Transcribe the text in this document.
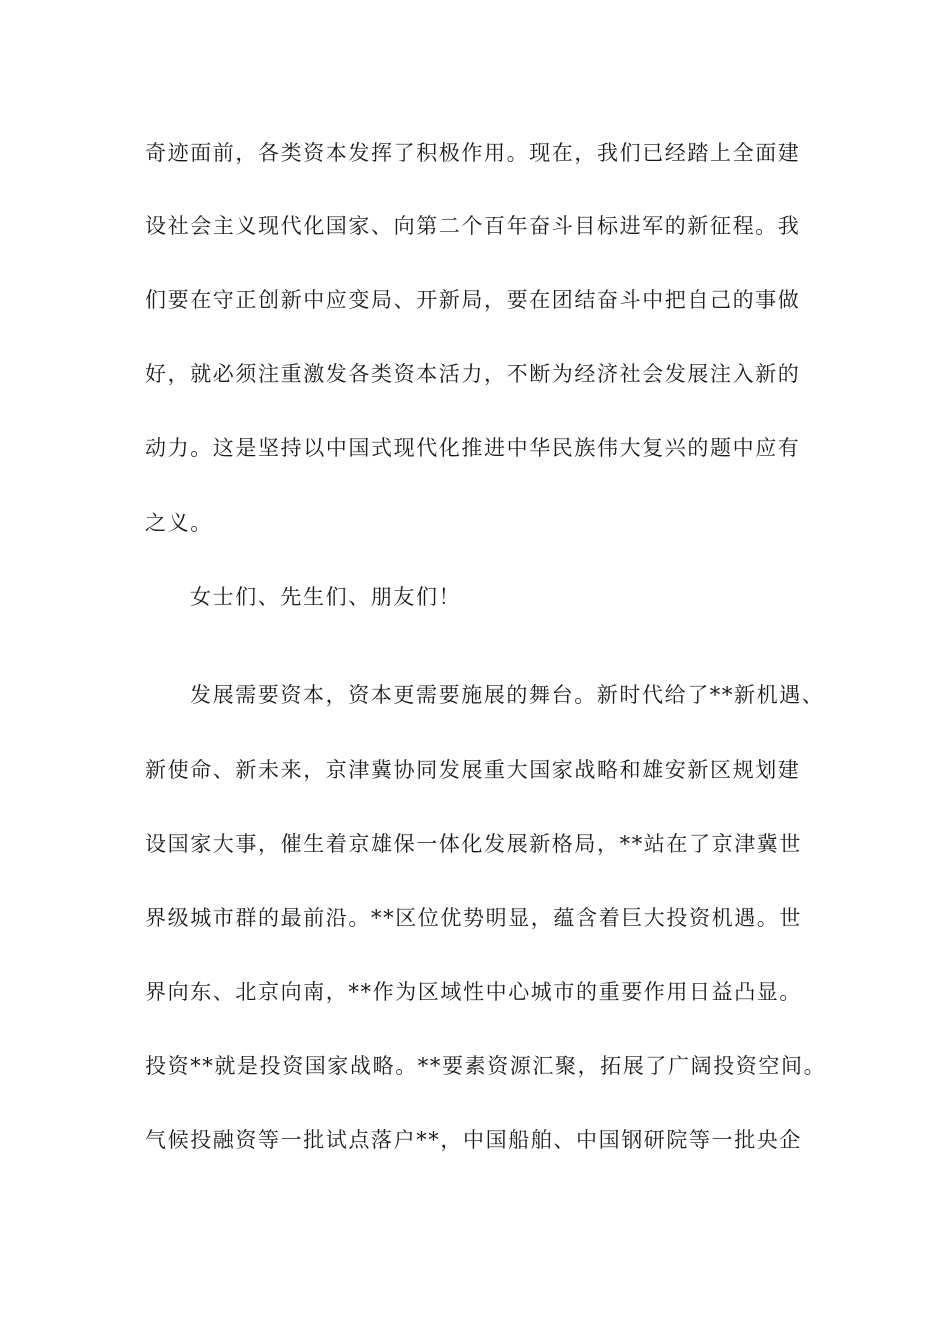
奇迹面前，各类资本发挥了积极作用。现在，我们已经踏上全面建
设社会主义现代化国家、向第二个百年奋斗目标进军的新征程。我
们要在守正创新中应变局、开新局，要在团结奋斗中把自己的事做
好，就必须注重激发各类资本活力，不断为经济社会发展注入新的
动力。这是坚持以中国式现代化推进中华民族伟大复兴的题中应有
之义。
女士们、先生们、朋友们！
发展需要资本，资本更需要施展的舞台。新时代给了**新机遇、
新使命、新未来，京津冀协同发展重大国家战略和雄安新区规划建
设国家大事，催生着京雄保一体化发展新格局，**站在了京津冀世
界级城市群的最前沿。**区位优势明显，蕴含着巨大投资机遇。世
界向东、北京向南，**作为区域性中心城市的重要作用日益凸显。
投资**就是投资国家战略。**要素资源汇聚，拓展了广阔投资空间。
气候投融资等一批试点落户**，中国船舶、中国钢研院等一批央企
